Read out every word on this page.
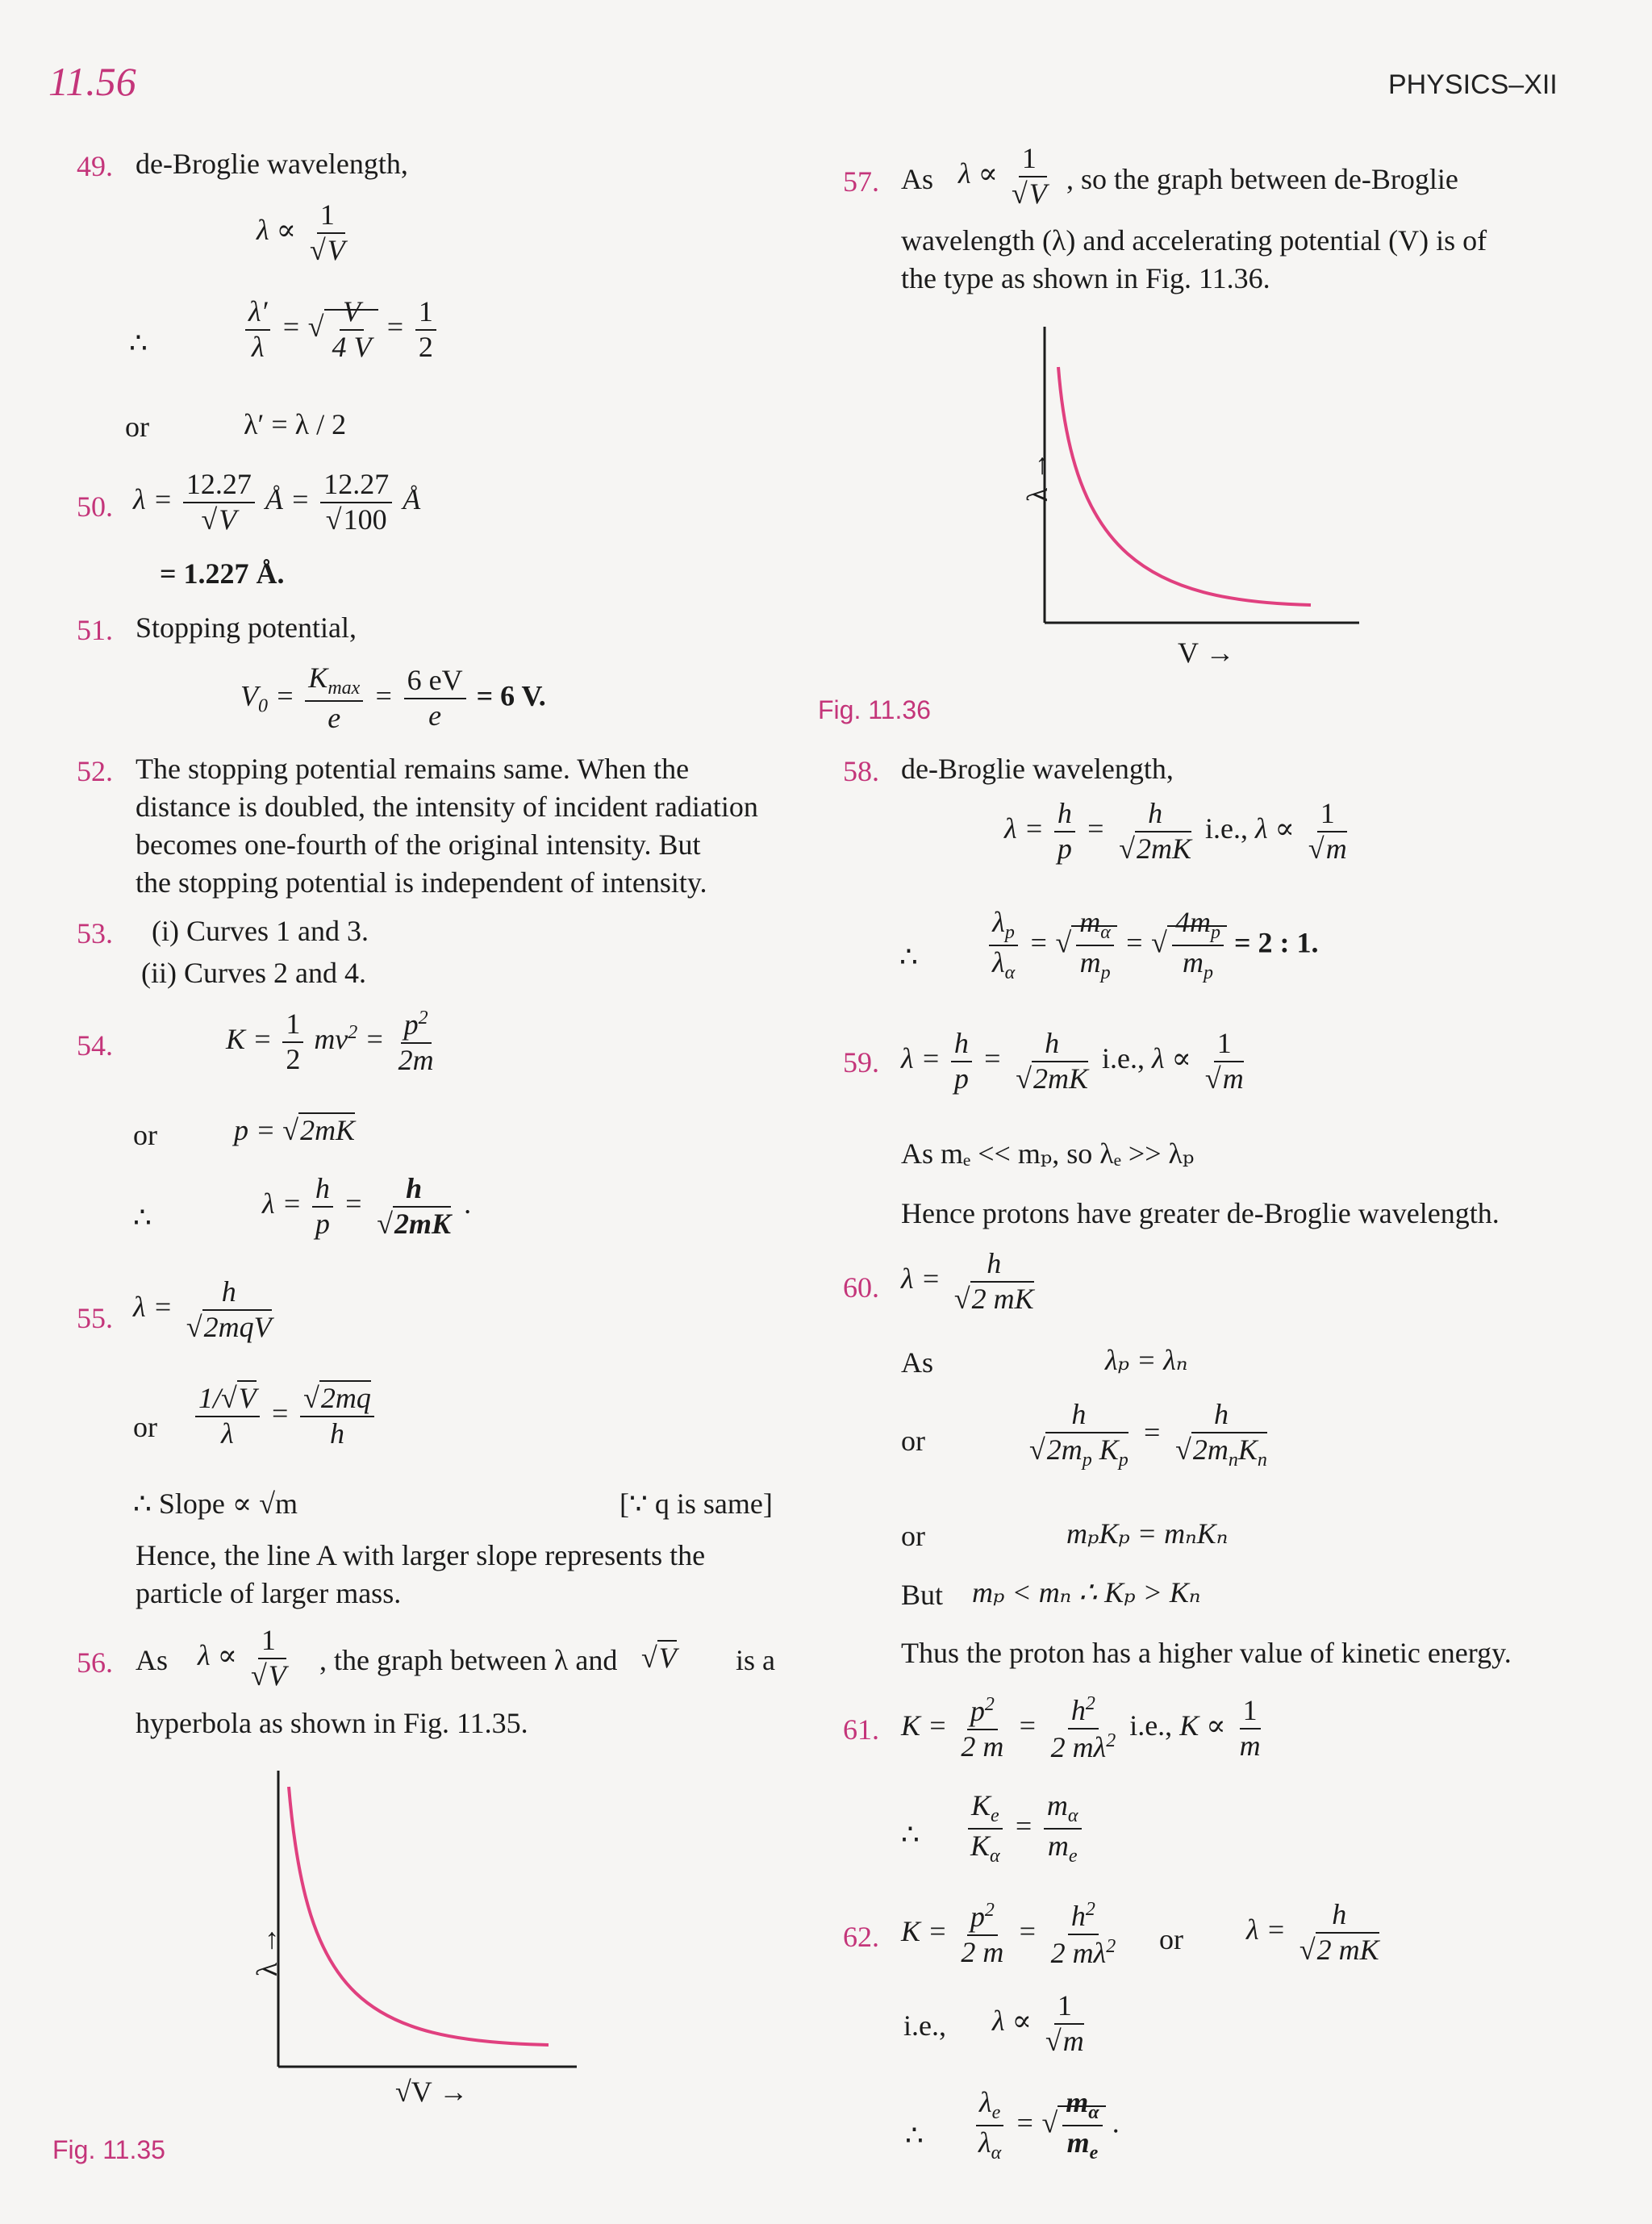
11.56	PHYSICS–XII
49. de-Broglie wavelength,
$\lambda \propto \frac{1}{√V}$
∴	$\frac{\lambda'}{\lambda}$ = √ $\frac{V}{4 V} = \frac{1}{2}$
or	λ′ = λ / 2
50. $\lambda = \frac{12.27}{√V}$ Å = $\frac{12.27}{√100}$ Å
= 1.227 Å.
51. Stopping potential,
$V_0 = \frac{K_{max}}{e} = \frac{6 eV}{e} = 6$ V.
52. The stopping potential remains same. When the
distance is doubled, the intensity of incident radiation
becomes one-fourth of the original intensity. But
the stopping potential is independent of intensity.
53. (i) Curves 1 and 3.
(ii) Curves 2 and 4.
54.	$K = \frac{1}{2} mv^2 = \frac{p^2}{2m}$
or	p = √2mK
∴	$\lambda = \frac{h}{p} = \frac{h}{√2mK}$ .
55. $\lambda = \frac{h}{\text{√2mqV}}$
or $\frac{1/√V}{\lambda} = \frac{√2mq}{h}$
∴ Slope ∝ √m	[∵ q is same]
Hence, the line A with larger slope represents the
particle of larger mass.
56. As $\lambda \propto \frac{1}{√V}$ , the graph between λ and √V is a
hyperbola as shown in Fig. 11.35.
λ →
√V →
Fig. 11.35
57. As $\lambda \propto \frac{1}{√V}$ , so the graph between de-Broglie
wavelength (λ) and accelerating potential (V) is of
the type as shown in Fig. 11.36.
λ →
V →
Fig. 11.36
58. de-Broglie wavelength,
$\lambda = \frac{h}{p} = \frac{h}{√2mK} i.e$., $\lambda \propto \frac{1}{√m}$
∴ $\frac{\lambda_p}{\lambda_\alpha}$ = √ $\frac{m_\alpha}{m_p}$ = √ $\frac{4m_p}{m_p} = 2$ : 1.
59. $\lambda = \frac{h}{p} = \frac{h}{√2mK} i.e$., $\lambda \propto \frac{1}{√m}$
As mₑ << mₚ, so λₑ >> λₚ
Hence protons have greater de-Broglie wavelength.
60. $\lambda = \frac{h}{√2 mK}$
As	λₚ = λₙ
or	$\frac{h}{√2m_p K_p} = \frac{h}{√2m_nK_n}$
or	mₚKₚ = mₙKₙ
But mₚ < mₙ ∴ Kₚ > Kₙ
Thus the proton has a higher value of kinetic energy.
61. $K = \frac{p^2}{2 m} = \frac{h^2}{2 m\lambda^2} i.e$., $K \propto \frac{1}{m}$
∴ $\frac{K_e}{K_\alpha} = \frac{m_\alpha}{m_e}$
62. $K = \frac{p^2}{2 m} = \frac{h^2}{2 m\lambda^2}$ or $\lambda = \frac{h}{√2 mK}$
i.e., $\lambda \propto \frac{1}{√m}$
∴ $\frac{\lambda_e}{\lambda_\alpha}$ = √ $\frac{m_\alpha}{m_e}$ .
